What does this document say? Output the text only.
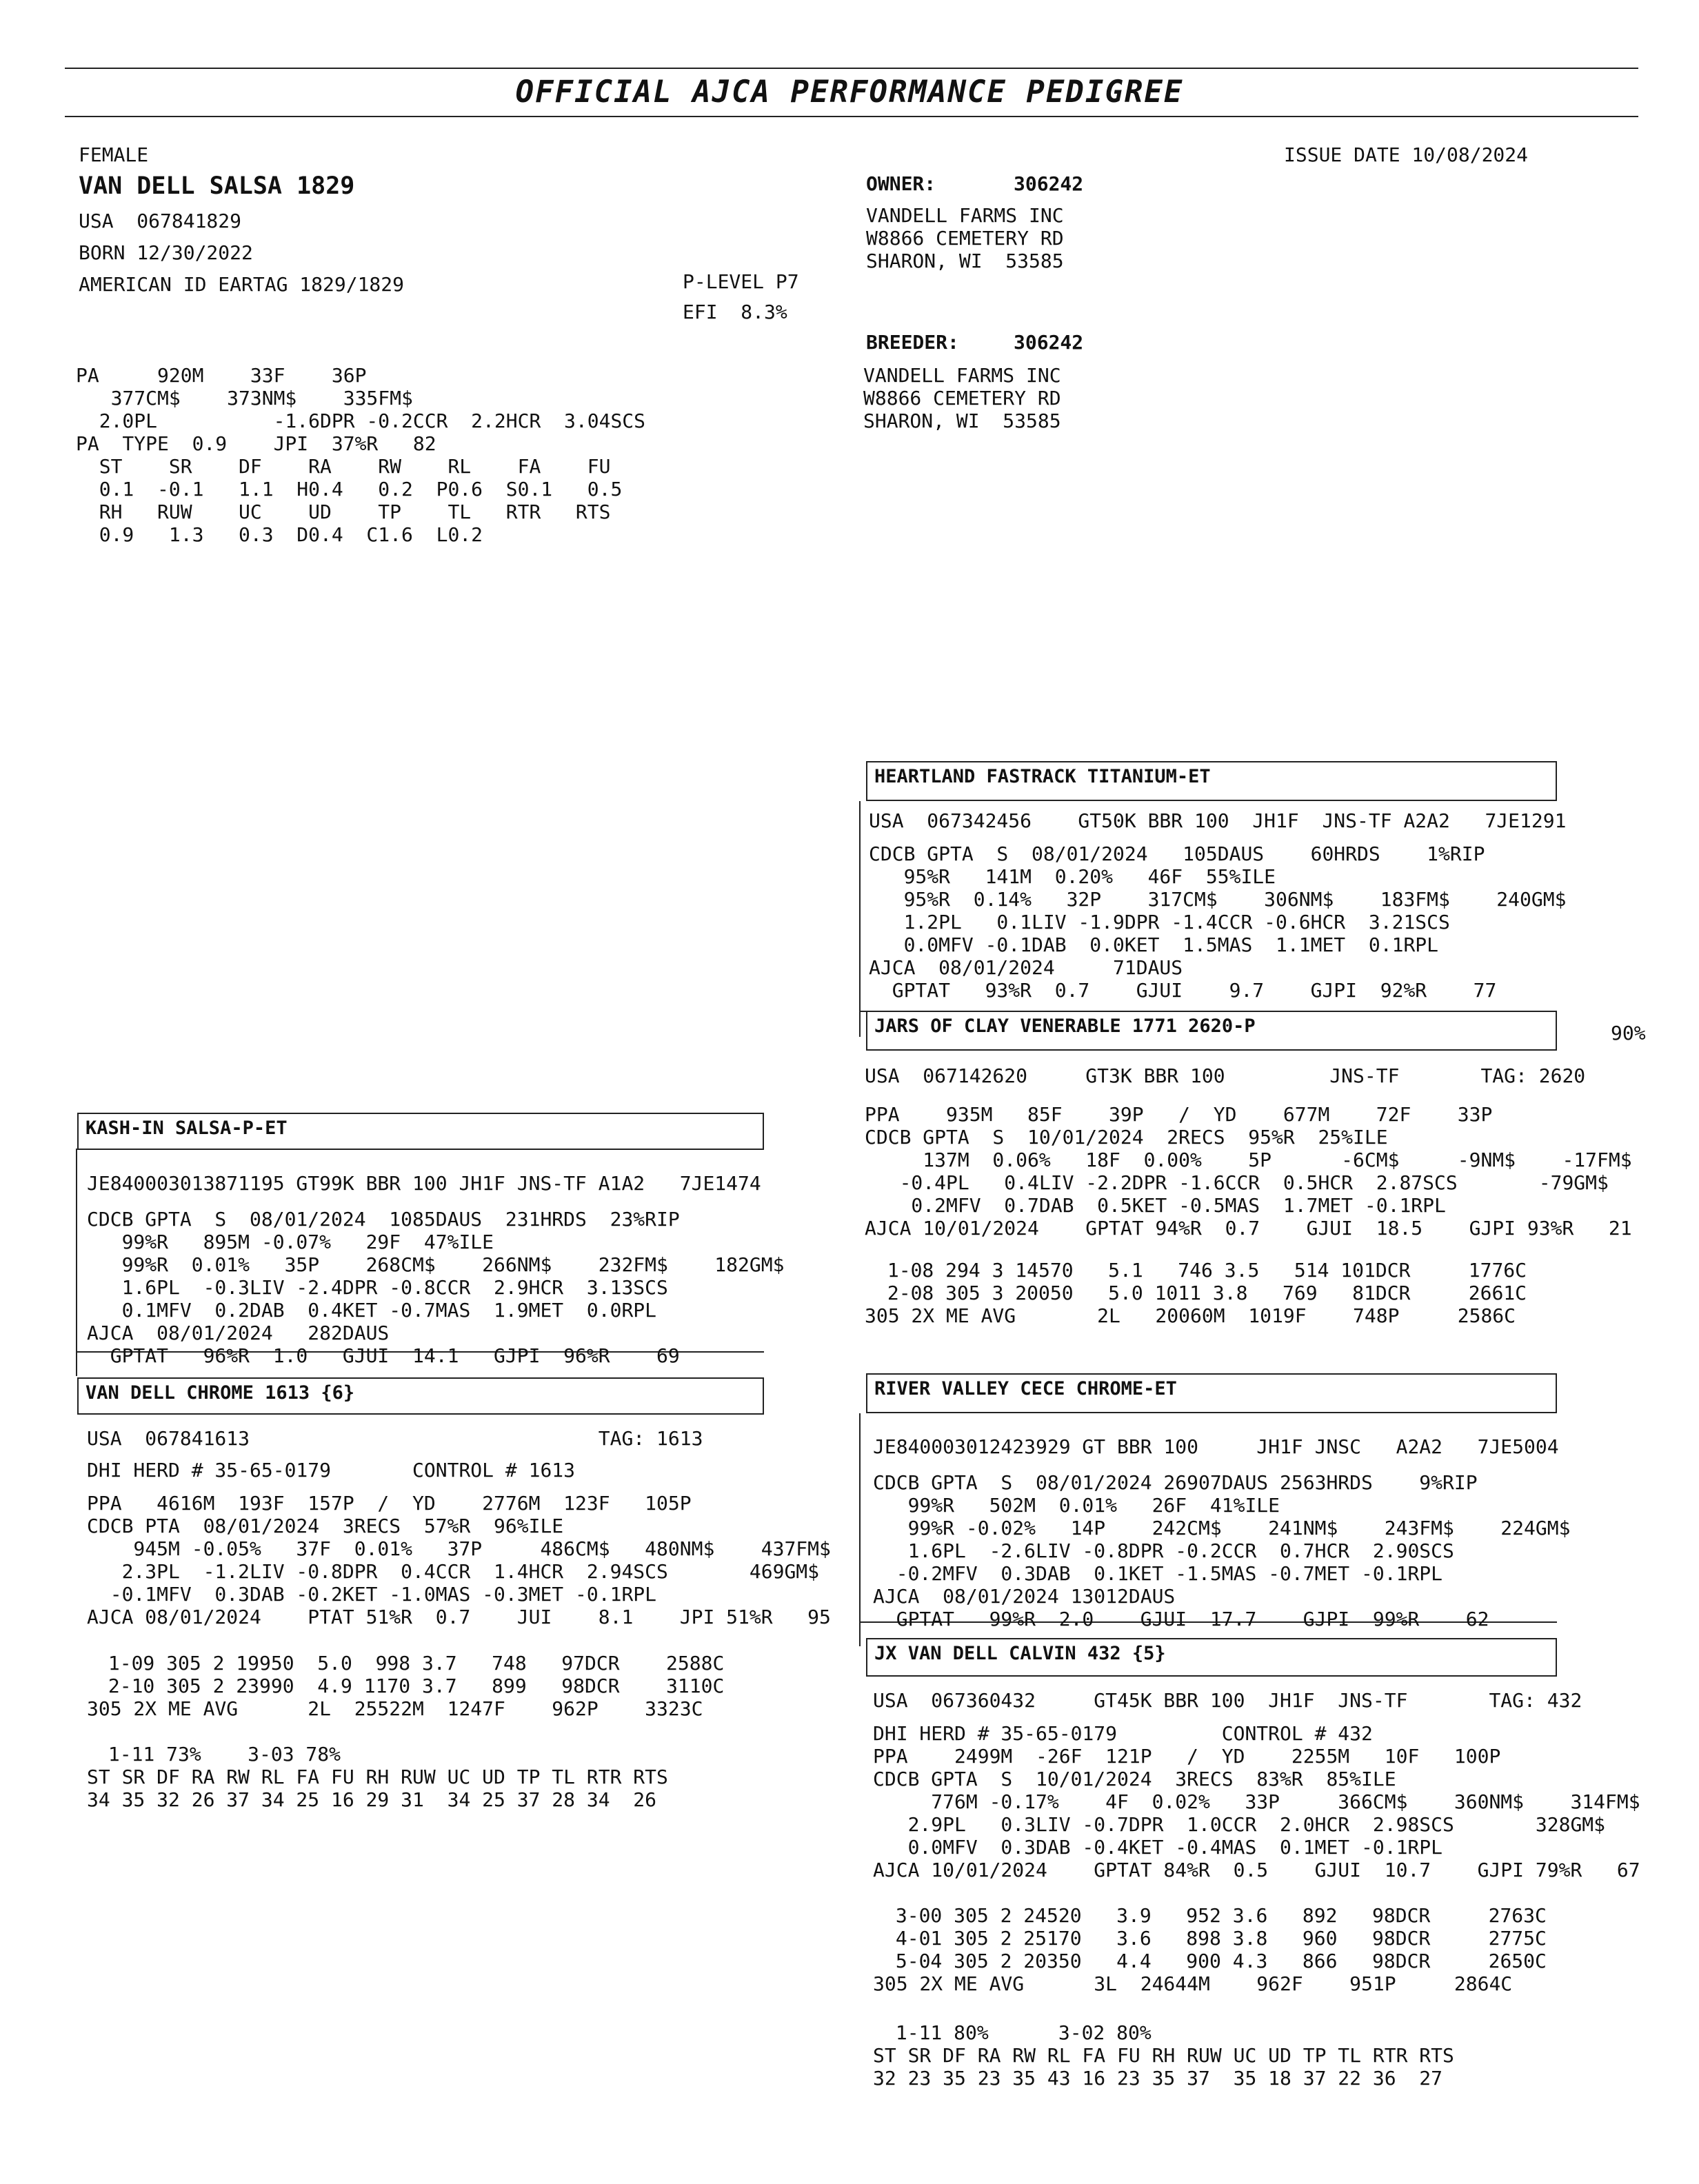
OFFICIAL AJCA PERFORMANCE PEDIGREE
FEMALE
VAN DELL SALSA 1829
USA  067841829
BORN 12/30/2022
AMERICAN ID EARTAG 1829/1829	P-LEVEL P7
EFI  8.3%
ISSUE DATE 10/08/2024
OWNER:	306242
VANDELL FARMS INC
W8866 CEMETERY RD
SHARON, WI  53585
BREEDER:	306242
VANDELL FARMS INC
W8866 CEMETERY RD
SHARON, WI  53585
PA     920M    33F    36P
377CM$    373NM$    335FM$
2.0PL          -1.6DPR -0.2CCR  2.2HCR  3.04SCS
PA  TYPE  0.9    JPI  37%R   82
ST    SR    DF    RA    RW    RL    FA    FU
0.1  -0.1   1.1  H0.4   0.2  P0.6  S0.1   0.5
RH   RUW    UC    UD    TP    TL   RTR   RTS
0.9   1.3   0.3  D0.4  C1.6  L0.2
HEARTLAND FASTRACK TITANIUM-ET
USA  067342456    GT50K BBR 100  JH1F  JNS-TF A2A2   7JE1291
CDCB GPTA  S  08/01/2024   105DAUS    60HRDS    1%RIP
95%R   141M  0.20%   46F  55%ILE
95%R  0.14%   32P    317CM$    306NM$    183FM$    240GM$
1.2PL   0.1LIV -1.9DPR -1.4CCR -0.6HCR  3.21SCS
0.0MFV -0.1DAB  0.0KET  1.5MAS  1.1MET  0.1RPL
AJCA  08/01/2024     71DAUS
GPTAT   93%R  0.7    GJUI    9.7    GJPI  92%R    77
JARS OF CLAY VENERABLE 1771 2620-P	90%
USA  067142620     GT3K BBR 100         JNS-TF       TAG: 2620
PPA    935M   85F    39P   /  YD    677M    72F    33P
CDCB GPTA  S  10/01/2024  2RECS  95%R  25%ILE
137M  0.06%   18F  0.00%    5P      -6CM$     -9NM$    -17FM$
-0.4PL   0.4LIV -2.2DPR -1.6CCR  0.5HCR  2.87SCS       -79GM$
0.2MFV  0.7DAB  0.5KET -0.5MAS  1.7MET -0.1RPL
AJCA 10/01/2024    GPTAT 94%R  0.7    GJUI  18.5    GJPI 93%R   21
1-08 294 3 14570   5.1   746 3.5   514 101DCR     1776C
2-08 305 3 20050   5.0 1011 3.8   769   81DCR     2661C
305 2X ME AVG       2L   20060M  1019F    748P     2586C
KASH-IN SALSA-P-ET
JE840003013871195 GT99K BBR 100 JH1F JNS-TF A1A2   7JE1474
CDCB GPTA  S  08/01/2024  1085DAUS  231HRDS  23%RIP
99%R   895M -0.07%   29F  47%ILE
99%R  0.01%   35P    268CM$    266NM$    232FM$    182GM$
1.6PL  -0.3LIV -2.4DPR -0.8CCR  2.9HCR  3.13SCS
0.1MFV  0.2DAB  0.4KET -0.7MAS  1.9MET  0.0RPL
AJCA  08/01/2024   282DAUS
GPTAT   96%R  1.0   GJUI  14.1   GJPI  96%R    69
VAN DELL CHROME 1613 {6}
USA  067841613                              TAG: 1613
DHI HERD # 35-65-0179       CONTROL # 1613
PPA   4616M  193F  157P  /  YD    2776M  123F   105P
CDCB PTA  08/01/2024  3RECS  57%R  96%ILE
945M -0.05%   37F  0.01%   37P     486CM$   480NM$    437FM$
2.3PL  -1.2LIV -0.8DPR  0.4CCR  1.4HCR  2.94SCS       469GM$
-0.1MFV  0.3DAB -0.2KET -1.0MAS -0.3MET -0.1RPL
AJCA 08/01/2024    PTAT 51%R  0.7    JUI    8.1    JPI 51%R   95
1-09 305 2 19950  5.0  998 3.7   748   97DCR    2588C
2-10 305 2 23990  4.9 1170 3.7   899   98DCR    3110C
305 2X ME AVG      2L  25522M  1247F    962P    3323C
1-11 73%    3-03 78%
ST SR DF RA RW RL FA FU RH RUW UC UD TP TL RTR RTS
34 35 32 26 37 34 25 16 29 31  34 25 37 28 34  26
RIVER VALLEY CECE CHROME-ET
JE840003012423929 GT BBR 100     JH1F JNSC   A2A2   7JE5004
CDCB GPTA  S  08/01/2024 26907DAUS 2563HRDS    9%RIP
99%R   502M  0.01%   26F  41%ILE
99%R -0.02%   14P    242CM$    241NM$    243FM$    224GM$
1.6PL  -2.6LIV -0.8DPR -0.2CCR  0.7HCR  2.90SCS
-0.2MFV  0.3DAB  0.1KET -1.5MAS -0.7MET -0.1RPL
AJCA  08/01/2024 13012DAUS
GPTAT   99%R  2.0    GJUI  17.7    GJPI  99%R    62
JX VAN DELL CALVIN 432 {5}
USA  067360432     GT45K BBR 100  JH1F  JNS-TF       TAG: 432
DHI HERD # 35-65-0179         CONTROL # 432
PPA    2499M  -26F  121P   /  YD    2255M   10F   100P
CDCB GPTA  S  10/01/2024  3RECS  83%R  85%ILE
776M -0.17%    4F  0.02%   33P     366CM$    360NM$    314FM$
2.9PL   0.3LIV -0.7DPR  1.0CCR  2.0HCR  2.98SCS       328GM$
0.0MFV  0.3DAB -0.4KET -0.4MAS  0.1MET -0.1RPL
AJCA 10/01/2024    GPTAT 84%R  0.5    GJUI  10.7    GJPI 79%R   67
3-00 305 2 24520   3.9   952 3.6   892   98DCR     2763C
4-01 305 2 25170   3.6   898 3.8   960   98DCR     2775C
5-04 305 2 20350   4.4   900 4.3   866   98DCR     2650C
305 2X ME AVG      3L  24644M    962F    951P     2864C
1-11 80%      3-02 80%
ST SR DF RA RW RL FA FU RH RUW UC UD TP TL RTR RTS
32 23 35 23 35 43 16 23 35 37  35 18 37 22 36  27
